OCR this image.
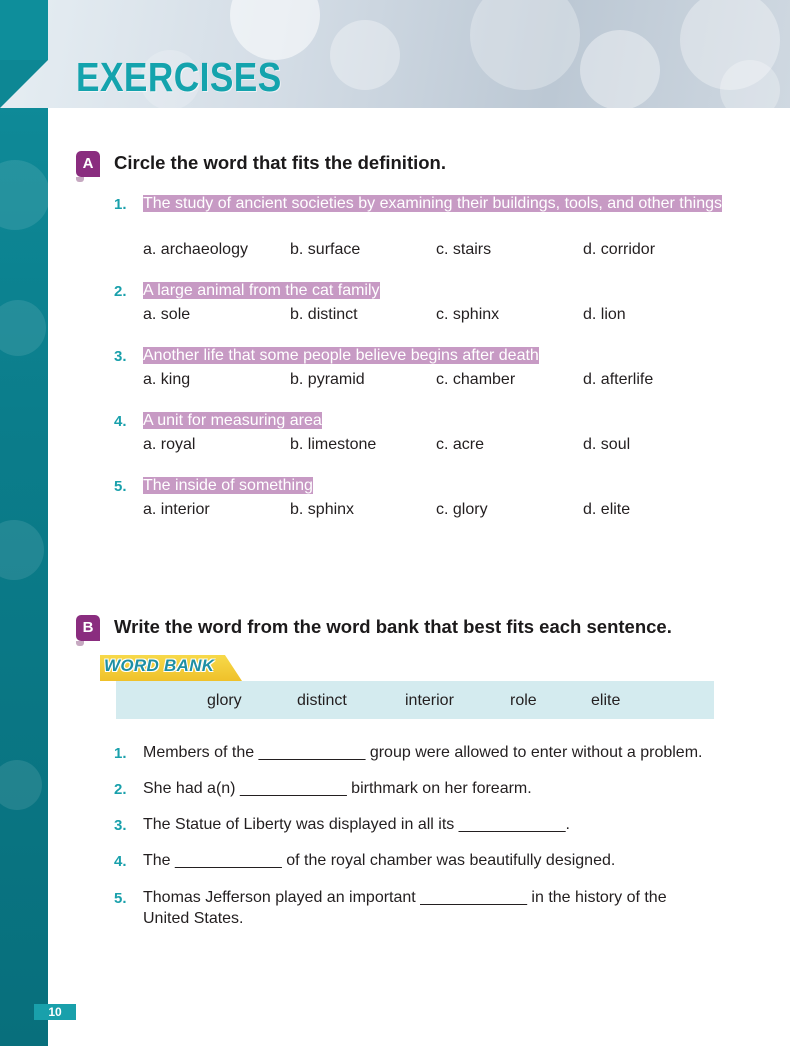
EXERCISES
A	Circle the word that fits the definition.
1. The study of ancient societies by examining their buildings, tools, and other things
a. archaeology	b. surface	c. stairs	d. corridor
2. A large animal from the cat family
a. sole	b. distinct	c. sphinx	d. lion
3. Another life that some people believe begins after death
a. king	b. pyramid	c. chamber	d. afterlife
4. A unit for measuring area
a. royal	b. limestone	c. acre	d. soul
5. The inside of something
a. interior	b. sphinx	c. glory	d. elite
B	Write the word from the word bank that best fits each sentence.
WORD BANK
glory	distinct	interior	role	elite
1. Members of the ____________ group were allowed to enter without a problem.
2. She had a(n) ____________ birthmark on her forearm.
3. The Statue of Liberty was displayed in all its ____________.
4. The ____________ of the royal chamber was beautifully designed.
5. Thomas Jefferson played an important ____________ in the history of the United States.
10
